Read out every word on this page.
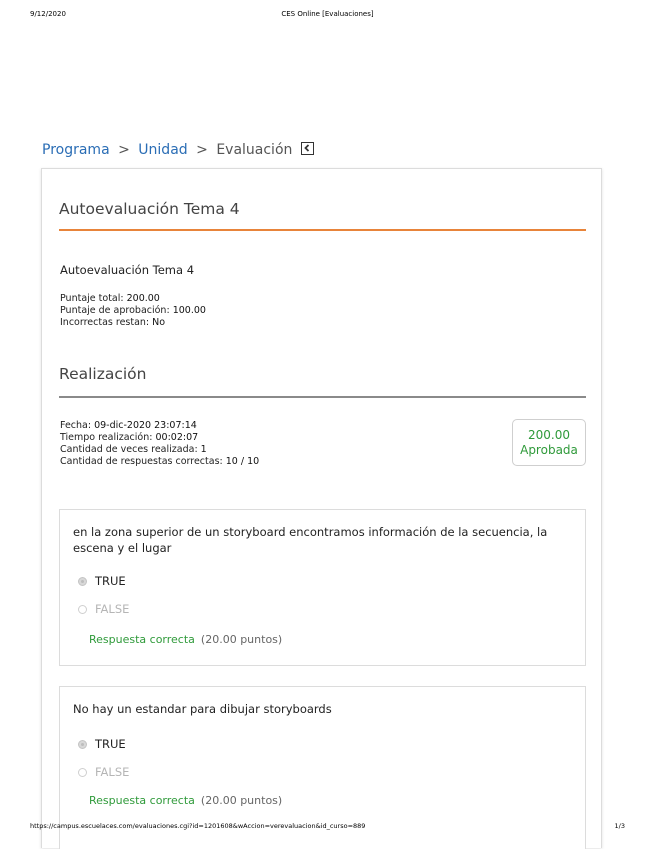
9/12/2020	CES Online [Evaluaciones]
Programa > Unidad > Evaluación
Autoevaluación Tema 4
Autoevaluación Tema 4
Puntaje total: 200.00
Puntaje de aprobación: 100.00
Incorrectas restan: No
Realización
Fecha: 09-dic-2020 23:07:14
Tiempo realización: 00:02:07
Cantidad de veces realizada: 1
Cantidad de respuestas correctas: 10 / 10
200.00
Aprobada
en la zona superior de un storyboard encontramos información de la secuencia, la escena y el lugar
TRUE
FALSE
Respuesta correcta (20.00 puntos)
No hay un estandar para dibujar storyboards
TRUE
FALSE
Respuesta correcta (20.00 puntos)
https://campus.escuelaces.com/evaluaciones.cgi?id=1201608&wAccion=verevaluacion&id_curso=889	1/3
